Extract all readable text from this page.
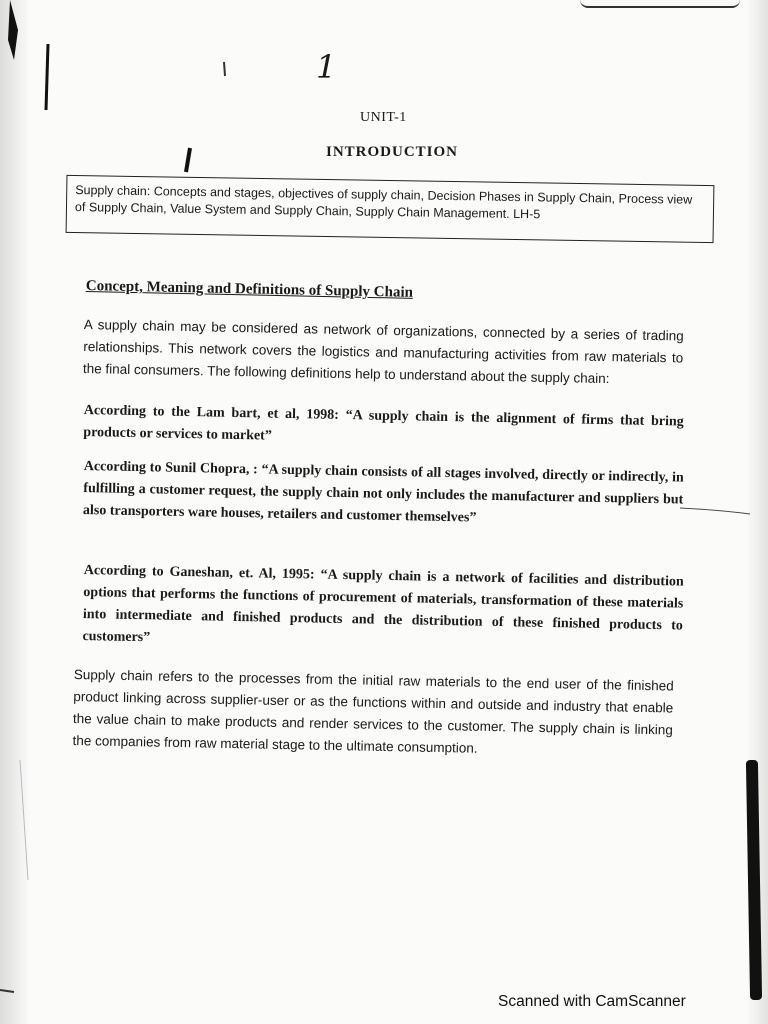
1
UNIT-1
INTRODUCTION
Supply chain: Concepts and stages, objectives of supply chain, Decision Phases in Supply Chain, Process view of Supply Chain, Value System and Supply Chain, Supply Chain Management. LH-5
Concept, Meaning and Definitions of Supply Chain
A supply chain may be considered as network of organizations, connected by a series of trading relationships. This network covers the logistics and manufacturing activities from raw materials to the final consumers. The following definitions help to understand about the supply chain:
According to the Lam bart, et al, 1998: “A supply chain is the alignment of firms that bring products or services to market”
According to Sunil Chopra, : “A supply chain consists of all stages involved, directly or indirectly, in fulfilling a customer request, the supply chain not only includes the manufacturer and suppliers but also transporters ware houses, retailers and customer themselves”
According to Ganeshan, et. Al, 1995: “A supply chain is a network of facilities and distribution options that performs the functions of procurement of materials, transformation of these materials into intermediate and finished products and the distribution of these finished products to customers”
Supply chain refers to the processes from the initial raw materials to the end user of the finished product linking across supplier-user or as the functions within and outside and industry that enable the value chain to make products and render services to the customer. The supply chain is linking the companies from raw material stage to the ultimate consumption.
Scanned with CamScanner
